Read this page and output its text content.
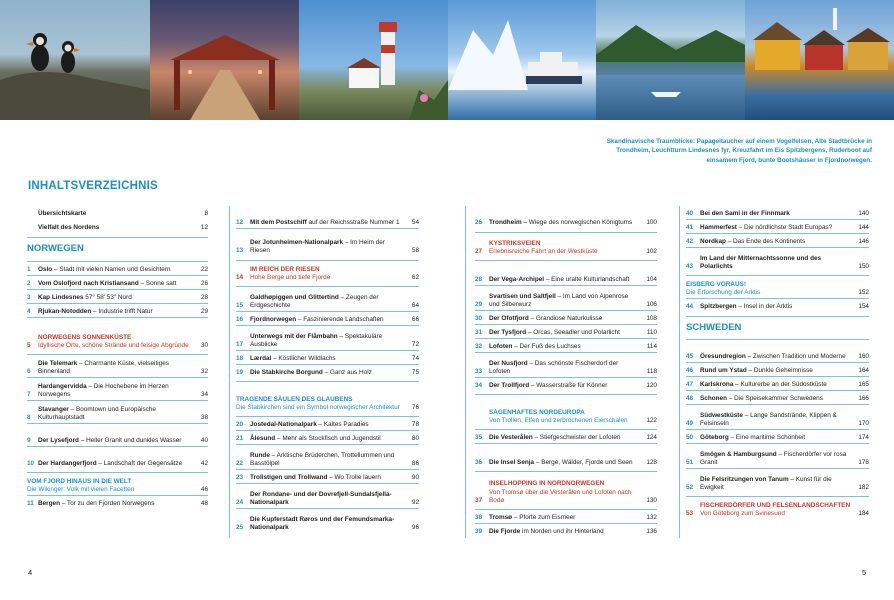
Skandinavische Traumblicke: Papageitaucher auf einem Vogelfelsen, Alte Stadtbrücke in Trondheim, Leuchtturm Lindesnes fyr, Kreuzfahrt im Eis Spitzbergens, Ruderboot auf einsamem Fjord, bunte Bootshäuser in Fjordnorwegen.
INHALTSVERZEICHNIS
Übersichtskarte	8
Vielfalt des Nordens	12
NORWEGEN
1	Oslo – Stadt mit vielen Namen und Gesichtern	22
2	Vom Oslofjord nach Kristiansand – Sonne satt	26
3	Kap Lindesnes 57° 58′ 53″ Nord	28
4	Rjukan-Notodden – Industrie trifft Natur	29
5
NORWEGENS SONNENKÜSTE
Idyllische Orte, schöne Strände und felsige Abgründe	30
6
Die Telemark – Charmante Küste, vielseitiges Binnenland	32
7
Hardangervidda – Die Hochebene im Herzen Norwegens	34
8
Stavanger – Boomtown und Europäische Kulturhauptstadt	38
9	Der Lysefjord – Heller Granit und dunkles Wasser	40
10 Der Hardangerfjord – Landschaft der Gegensätze	42
VOM FJORD HINAUS IN DIE WELT
Die Wikinger: Volk mit vielen Facetten	46
11 Bergen – Tor zu den Fjorden Norwegens	48
12	Mit dem Postschiff auf der Reichsstraße Nummer 1	54
13
Der Jotunheimen-Nationalpark – Im Heim der Riesen	58
14
IM REICH DER RIESEN
Hohe Berge und tiefe Fjorde	62
15
Galdhøpiggen und Glittertind – Zeugen der Erdgeschichte	64
16	Fjordnorwegen – Faszinierende Landschaften	66
17
Unterwegs mit der Flåmbahn – Spektakuläre Ausblicke	72
18	Lærdal – Köstlicher Wildlachs	74
19	Die Stabkirche Borgund – Ganz aus Holz	75
TRAGENDE SÄULEN DES GLAUBENS
Die Stabkirchen sind ein Symbol norwegischer Architektur	76
20	Jostedal-Nationalpark – Kaltes Paradies	78
21	Ålesund – Mehr als Stockfisch und Jugendstil	80
22
Runde – Arktische Brüderchen, Trottellummen und Basstölpel	86
23	Trollstigen und Trollwand – Wo Trolle lauern	90
24
Der Rondane- und der Dovrefjell-Sundalsfjella-Nationalpark	92
25
Die Kupferstadt Røros und der Femundsmarka-Nationalpark	96
26	Trondheim – Wiege des norwegischen Königtums	100
27
KYSTRIKSVEIEN
Erlebnisreiche Fahrt an der Westküste	102
28	Der Vega-Archipel – Eine uralte Kulturlandschaft	104
29
Svartisen und Saltfjell – Im Land von Alpenrose und Silberwurz	106
30	Der Ofotfjord – Grandiose Naturkulisse	108
31	Der Tysfjord – Orcas, Seeadler und Polarlicht	110
32	Lofoten – Der Fuß des Luchses	114
33
Der Nusfjord – Das schönste Fischerdorf der Lofoten	118
34	Der Trollfjord – Wasserstraße für Könner	120
SAGENHAFTES NORDEUROPA
Von Trollen, Elfen und zerbrochenen Eierschalen	122
35	Die Vesterålen – Stiefgeschwister der Lofoten	124
36	Die Insel Senja – Berge, Wälder, Fjorde und Seen	128
37
INSELHOPPING IN NORDNORWEGEN
Von Tromsø über die Vesterålen und Lofoten nach Bodø	130
38	Tromsø – Pforte zum Eismeer	132
39	Die Fjorde im Norden und ihr Hinterland	136
40	Bei den Sami in der Finnmark	140
41	Hammerfest – Die nördlichste Stadt Europas?	144
42	Nordkap – Das Ende des Kontinents	146
43
Im Land der Mitternachtssonne und des Polarlichts	150
EISBERG VORAUS!
Die Erforschung der Arktis	152
44	Spitzbergen – Insel in der Arktis	154
SCHWEDEN
45	Öresundregion – Zwischen Tradition und Moderne	160
46	Rund um Ystad – Dunkle Geheimnisse	164
47	Karlskrona – Kulturerbe an der Südostküste	165
48	Schonen – Die Speisekammer Schwedens	166
49
Südwestküste – Lange Sandstrände, Klippen & Felsinseln	170
50	Göteborg – Eine maritime Schönheit	174
51
Smögen & Hamburgsund – Fischerdörfer vor rosa Granit	178
52
Die Felsritzungen von Tanum – Kunst für die Ewigkeit	182
53
FISCHERDÖRFER UND FELSENLANDSCHAFTEN
Von Göteborg zum Svinesund	184
4	5
